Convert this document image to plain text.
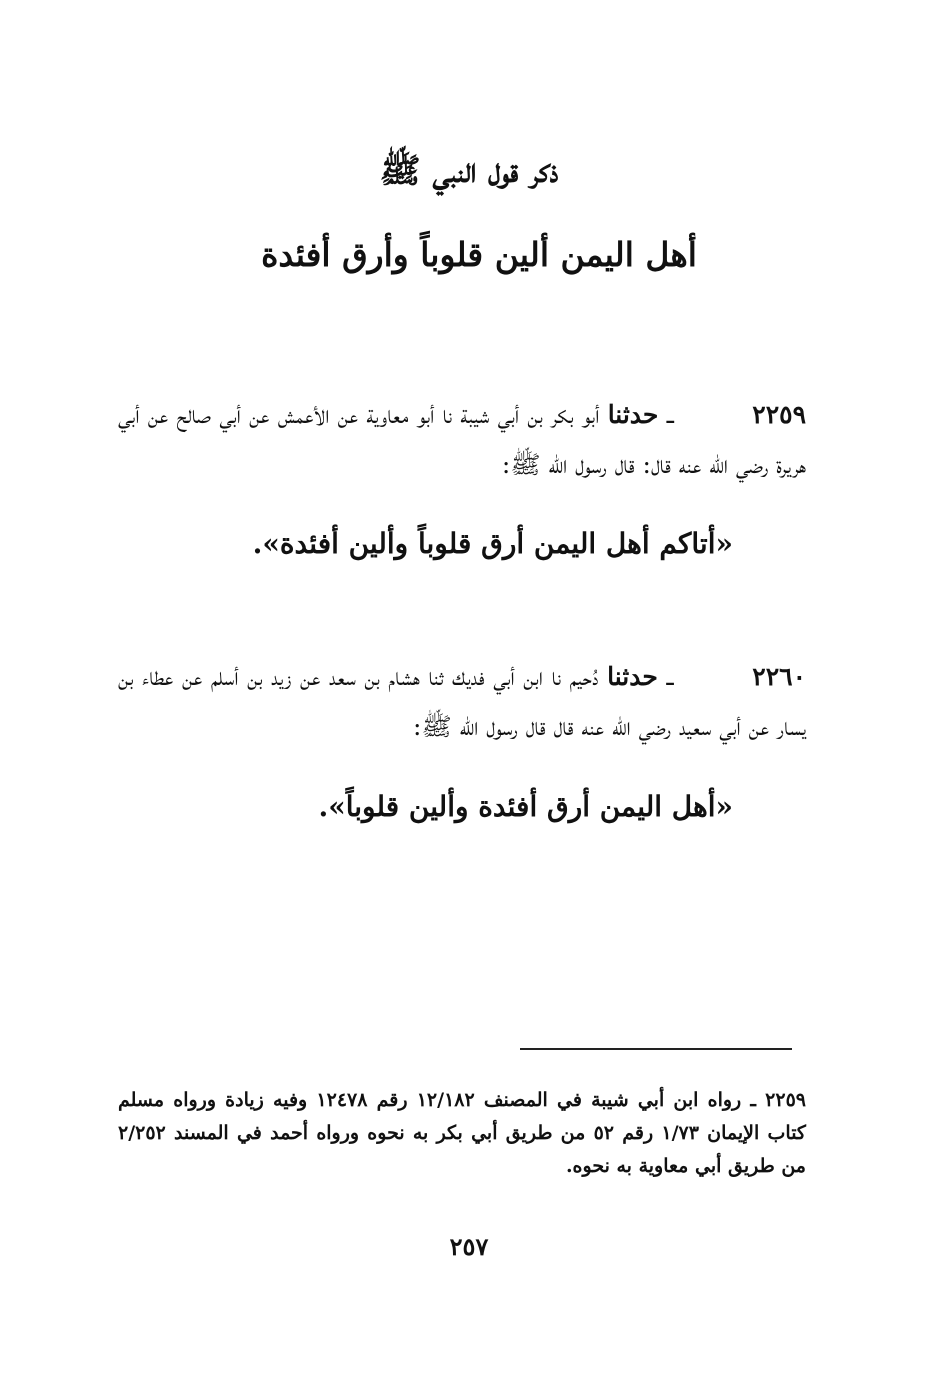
ذكر قول النبي ﷺ
أهل اليمن ألين قلوباً وأرق أفئدة
٢٢٥٩ ـ حدثنا أبو بكر بن أبي شيبة نا أبو معاوية عن الأعمش عن أبي صالح عن أبي هريرة رضي الله عنه قال: قال رسول الله ﷺ:
«أتاكم أهل اليمن أرق قلوباً وألين أفئدة».
٢٢٦٠ ـ حدثنا دُحيم نا ابن أبي فديك ثنا هشام بن سعد عن زيد بن أسلم عن عطاء بن يسار عن أبي سعيد رضي الله عنه قال قال رسول الله ﷺ:
«أهل اليمن أرق أفئدة وألين قلوباً».
٢٢٥٩ ـ رواه ابن أبي شيبة في المصنف ١٢/١٨٢ رقم ١٢٤٧٨ وفيه زيادة ورواه مسلم كتاب الإيمان ١/٧٣ رقم ٥٢ من طريق أبي بكر به نحوه ورواه أحمد في المسند ٢/٢٥٢ من طريق أبي معاوية به نحوه.
٢٥٧
